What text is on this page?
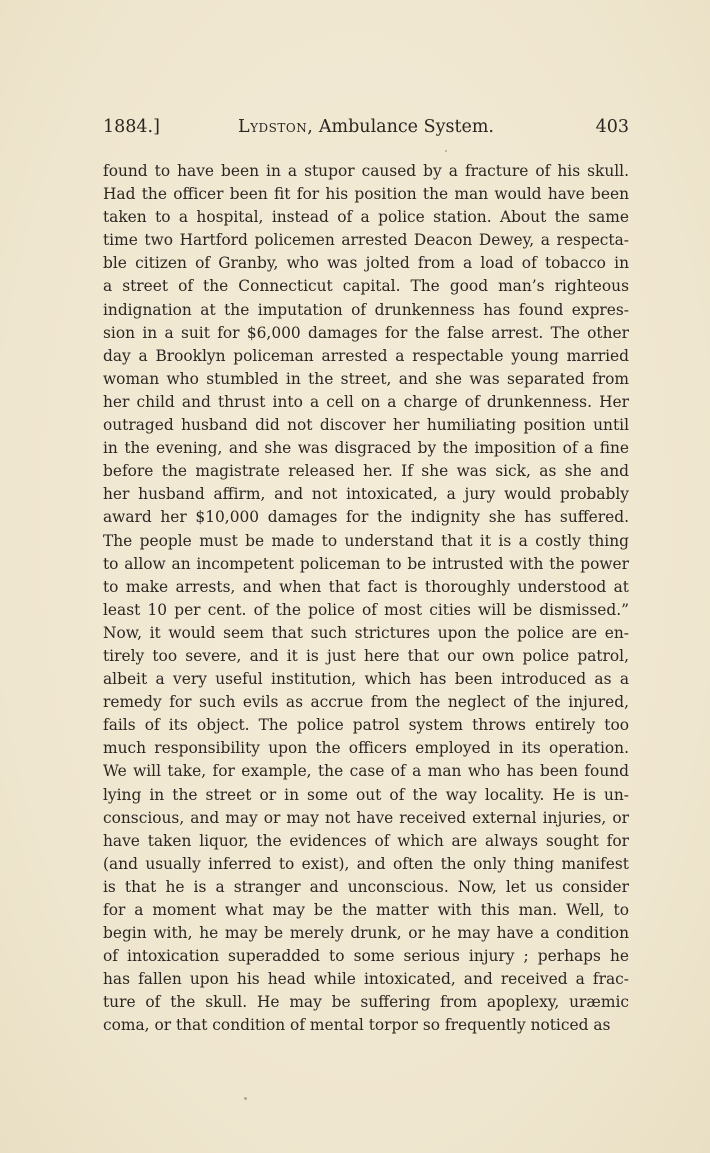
1884.]	Lydston, Ambulance System.	403
found to have been in a stupor caused by a fracture of his skull.
Had the officer been fit for his position the man would have been
taken to a hospital, instead of a police station. About the same
time two Hartford policemen arrested Deacon Dewey, a respecta-
ble citizen of Granby, who was jolted from a load of tobacco in
a street of the Connecticut capital. The good man’s righteous
indignation at the imputation of drunkenness has found expres-
sion in a suit for $6,000 damages for the false arrest. The other
day a Brooklyn policeman arrested a respectable young married
woman who stumbled in the street, and she was separated from
her child and thrust into a cell on a charge of drunkenness. Her
outraged husband did not discover her humiliating position until
in the evening, and she was disgraced by the imposition of a fine
before the magistrate released her. If she was sick, as she and
her husband affirm, and not intoxicated, a jury would probably
award her $10,000 damages for the indignity she has suffered.
The people must be made to understand that it is a costly thing
to allow an incompetent policeman to be intrusted with the power
to make arrests, and when that fact is thoroughly understood at
least 10 per cent. of the police of most cities will be dismissed.”
Now, it would seem that such strictures upon the police are en-
tirely too severe, and it is just here that our own police patrol,
albeit a very useful institution, which has been introduced as a
remedy for such evils as accrue from the neglect of the injured,
fails of its object. The police patrol system throws entirely too
much responsibility upon the officers employed in its operation.
We will take, for example, the case of a man who has been found
lying in the street or in some out of the way locality. He is un-
conscious, and may or may not have received external injuries, or
have taken liquor, the evidences of which are always sought for
(and usually inferred to exist), and often the only thing manifest
is that he is a stranger and unconscious. Now, let us consider
for a moment what may be the matter with this man. Well, to
begin with, he may be merely drunk, or he may have a condition
of intoxication superadded to some serious injury ; perhaps he
has fallen upon his head while intoxicated, and received a frac-
ture of the skull. He may be suffering from apoplexy, uræmic
coma, or that condition of mental torpor so frequently noticed as
